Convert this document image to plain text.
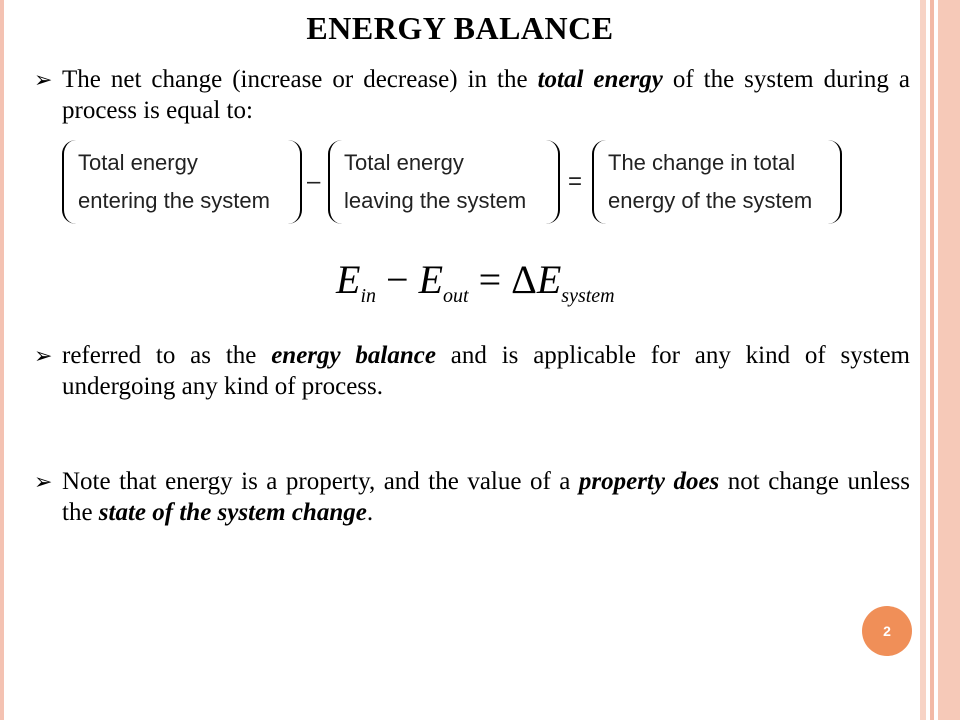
ENERGY BALANCE
➢ The net change (increase or decrease) in the total energy of the system during a process is equal to:
Total energy
entering the system
–
Total energy
leaving the system
=
The change in total
energy of the system
$E_{in} - E_{out} = \Delta E_{system}$
➢ referred to as the energy balance and is applicable for any kind of system undergoing any kind of process.
➢ Note that energy is a property, and the value of a property does not change unless the state of the system change.
2
